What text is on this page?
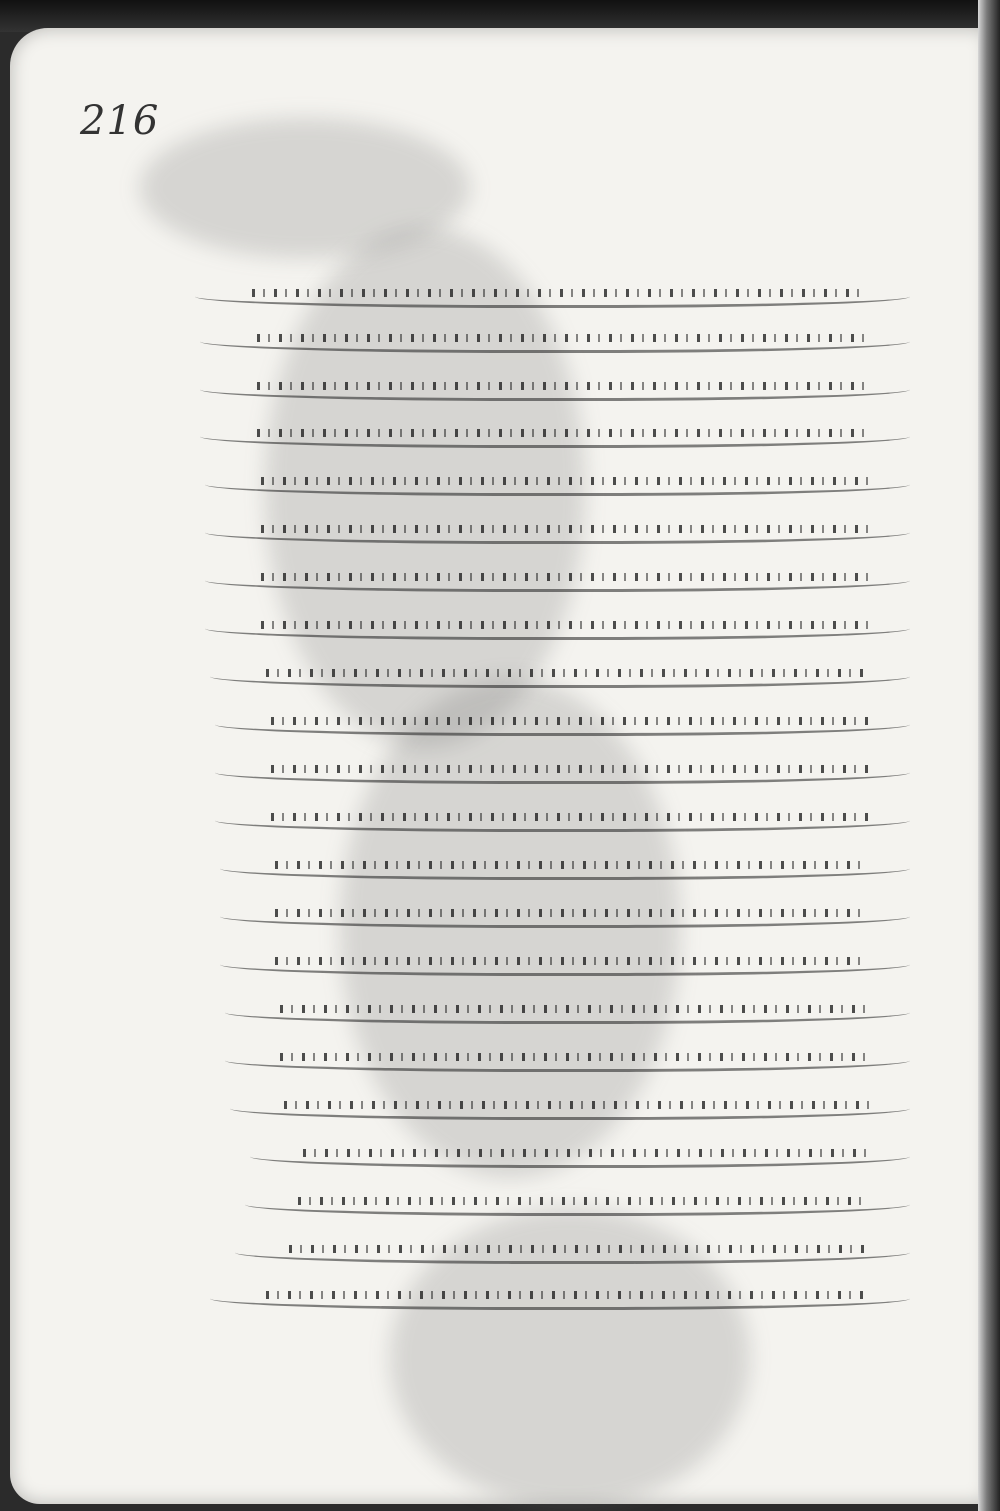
216
